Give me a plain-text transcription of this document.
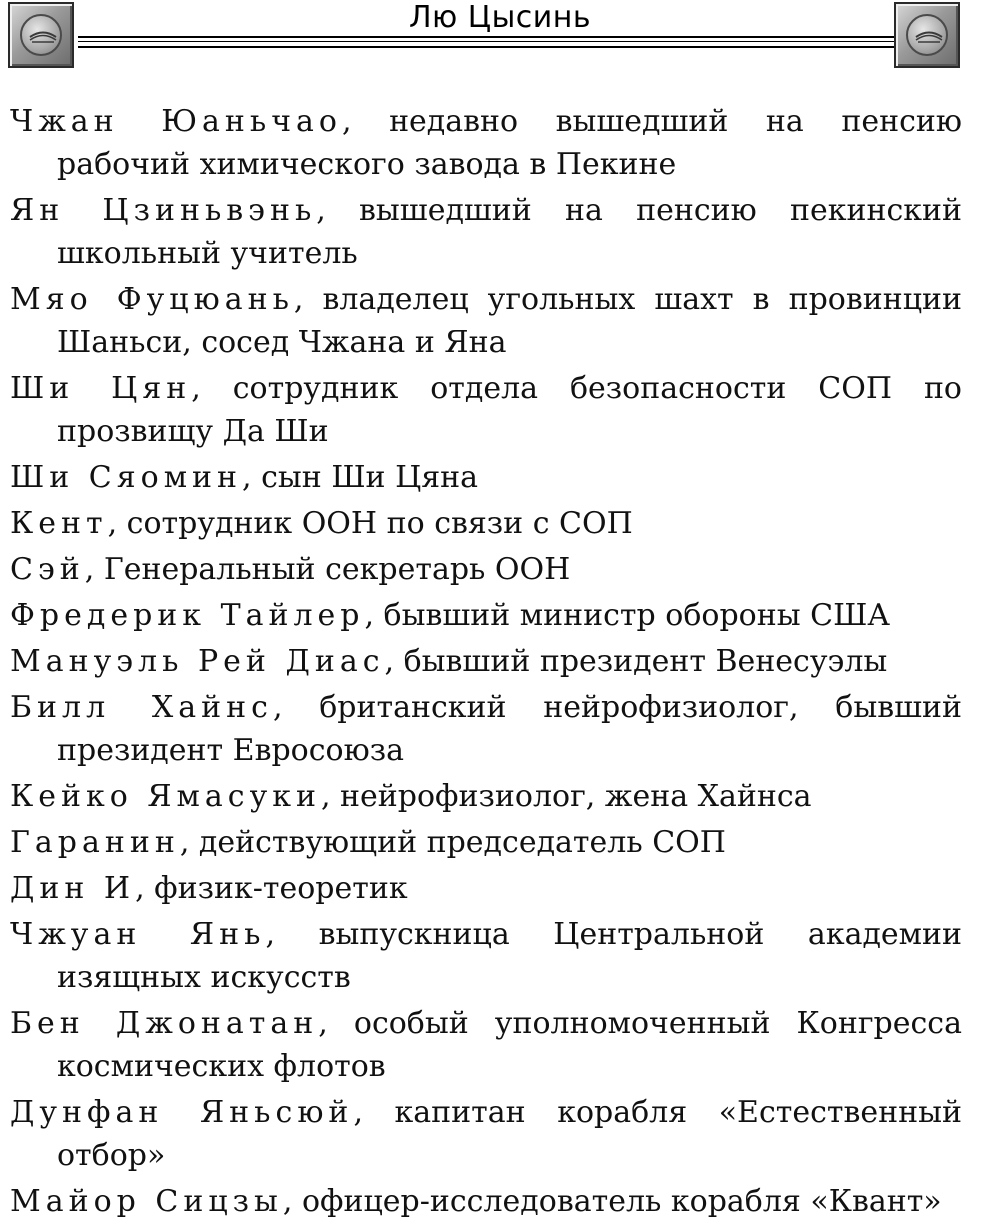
Лю Цысинь
Чжан Юаньчао, недавно вышедший на пенсию рабочий химического завода в Пекине
Ян Цзиньвэнь, вышедший на пенсию пекинский школьный учитель
Мяо Фуцюань, владелец угольных шахт в провинции Шаньси, сосед Чжана и Яна
Ши Цян, сотрудник отдела безопасности СОП по прозвищу Да Ши
Ши Сяомин, сын Ши Цяна
Кент, сотрудник ООН по связи с СОП
Сэй, Генеральный секретарь ООН
Фредерик Тайлер, бывший министр обороны США
Мануэль Рей Диас, бывший президент Венесуэлы
Билл Хайнс, британский нейрофизиолог, бывший президент Евросоюза
Кейко Ямасуки, нейрофизиолог, жена Хайнса
Гаранин, действующий председатель СОП
Дин И, физик-теоретик
Чжуан Янь, выпускница Центральной академии изящных искусств
Бен Джонатан, особый уполномоченный Конгресса космических флотов
Дунфан Яньсюй, капитан корабля «Естественный отбор»
Майор Сицзы, офицер-исследователь корабля «Квант»
